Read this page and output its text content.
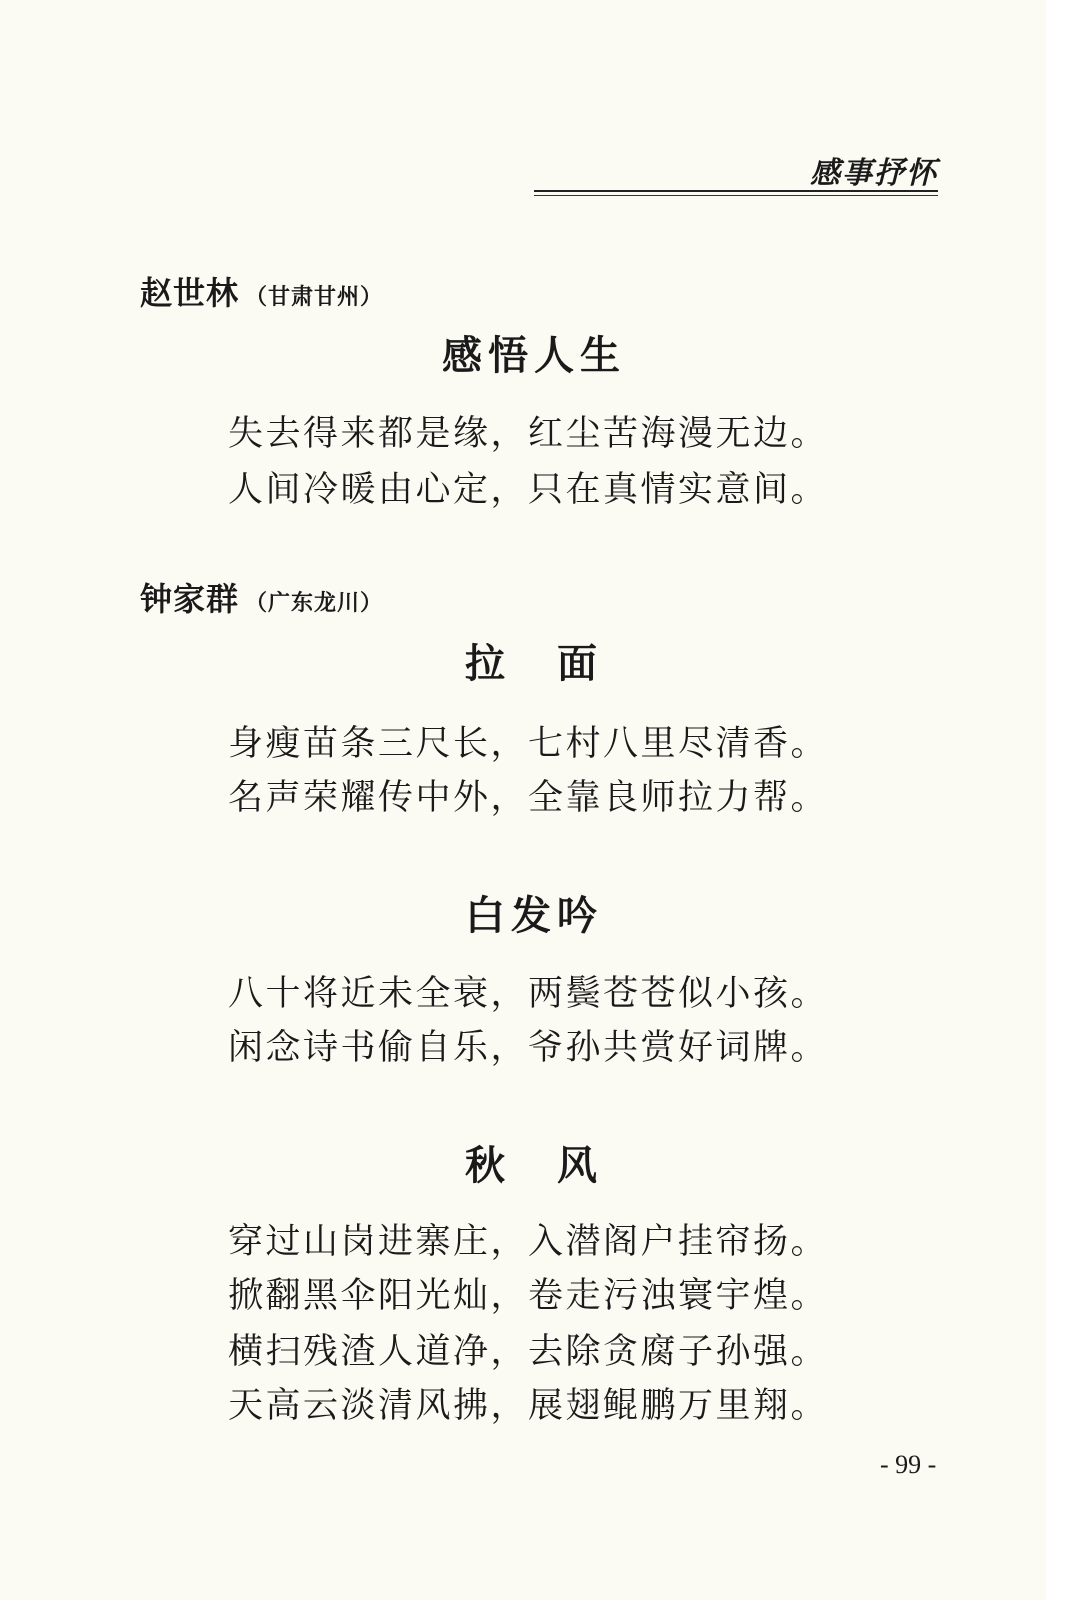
感事抒怀
赵世林 （甘肃甘州）
感悟人生
失去得来都是缘，红尘苦海漫无边。
人间冷暖由心定，只在真情实意间。
钟家群 （广东龙川）
拉　面
身瘦苗条三尺长，七村八里尽清香。
名声荣耀传中外，全靠良师拉力帮。
白发吟
八十将近未全衰，两鬓苍苍似小孩。
闲念诗书偷自乐，爷孙共赏好词牌。
秋　风
穿过山岗进寨庄，入潜阁户挂帘扬。
掀翻黑伞阳光灿，卷走污浊寰宇煌。
横扫残渣人道净，去除贪腐子孙强。
天高云淡清风拂，展翅鲲鹏万里翔。
- 99 -
